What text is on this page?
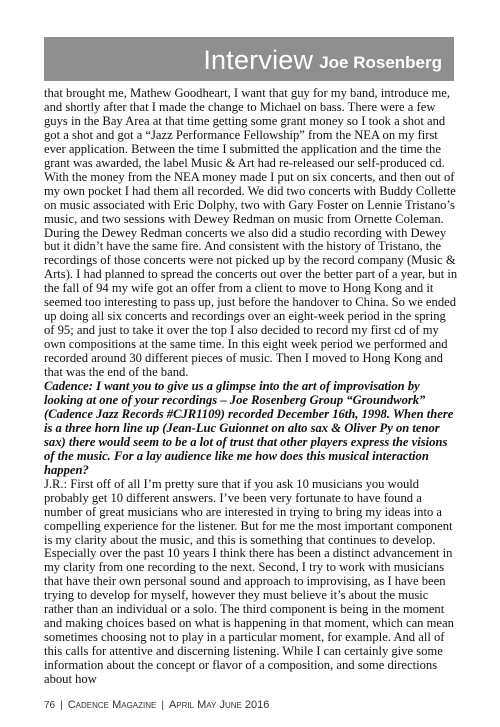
Interview Joe Rosenberg

that brought me, Mathew Goodheart, I want that guy for my band, introduce me, and shortly after that I made the change to Michael on bass. There were a few guys in the Bay Area at that time getting some grant money so I took a shot and got a shot and got a “Jazz Performance Fellowship” from the NEA on my first ever application. Between the time I submitted the application and the time the grant was awarded, the label Music & Art had re-released our self-produced cd. With the money from the NEA money made I put on six concerts, and then out of my own pocket I had them all recorded. We did two concerts with Buddy Collette on music associated with Eric Dolphy, two with Gary Foster on Lennie Tristano’s music, and two sessions with Dewey Redman on music from Ornette Coleman. During the Dewey Redman concerts we also did a studio recording with Dewey but it didn’t have the same fire. And consistent with the history of Tristano, the recordings of those concerts were not picked up by the record company (Music & Arts). I had planned to spread the concerts out over the better part of a year, but in the fall of 94 my wife got an offer from a client to move to Hong Kong and it seemed too interesting to pass up, just before the handover to China. So we ended up doing all six concerts and recordings over an eight-week period in the spring of 95; and just to take it over the top I also decided to record my first cd of my own compositions at the same time. In this eight week period we performed and recorded around 30 different pieces of music. Then I moved to Hong Kong and that was the end of the band.

Cadence: I want you to give us a glimpse into the art of improvisation by looking at one of your recordings – Joe Rosenberg Group “Groundwork” (Cadence Jazz Records #CJR1109) recorded December 16th, 1998. When there is a three horn line up (Jean-Luc Guionnet on alto sax & Oliver Py on tenor sax) there would seem to be a lot of trust that other players express the visions of the music. For a lay audience like me how does this musical interaction happen?

J.R.: First off of all I’m pretty sure that if you ask 10 musicians you would probably get 10 different answers. I’ve been very fortunate to have found a number of great musicians who are interested in trying to bring my ideas into a compelling experience for the listener. But for me the most important component is my clarity about the music, and this is something that continues to develop. Especially over the past 10 years I think there has been a distinct advancement in my clarity from one recording to the next. Second, I try to work with musicians that have their own personal sound and approach to improvising, as I have been trying to develop for myself, however they must believe it’s about the music rather than an individual or a solo. The third component is being in the moment and making choices based on what is happening in that moment, which can mean sometimes choosing not to play in a particular moment, for example. And all of this calls for attentive and discerning listening. While I can certainly give some information about the concept or flavor of a composition, and some directions about how

76 | Cadence Magazine | April May June 2016
